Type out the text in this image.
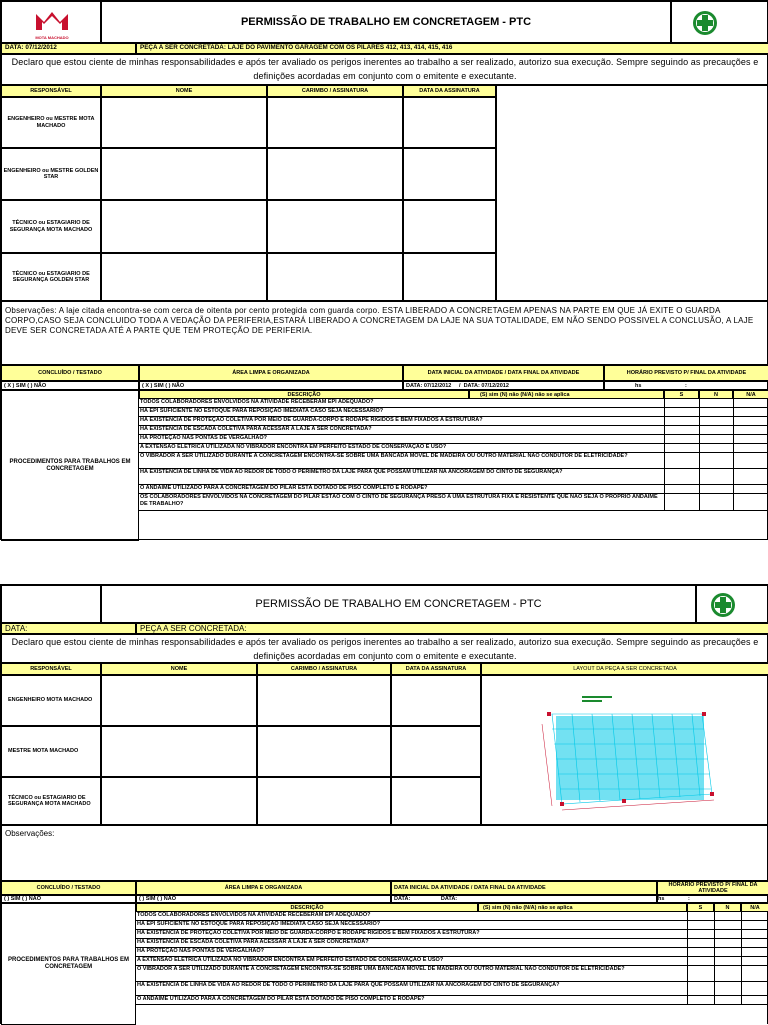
MOTA MACHADO
PERMISSÃO DE TRABALHO EM CONCRETAGEM - PTC
DATA: 07/12/2012	PEÇA A SER CONCRETADA: LAJE DO PAVIMENTO GARAGEM COM OS PILARES 412, 413, 414, 415, 416
Declaro que estou ciente de minhas responsabilidades e após ter avaliado os perigos inerentes ao trabalho a ser realizado, autorizo sua execução. Sempre seguindo as precauções e definições acordadas em conjunto com o emitente e executante.
RESPONSÁVEL	NOME	CARIMBO / ASSINATURA	DATA DA ASSINATURA
ENGENHEIRO ou MESTRE MOTA MACHADO
ENGENHEIRO ou MESTRE GOLDEN STAR
TÉCNICO ou ESTAGIARIO DE SEGURANÇA MOTA MACHADO
TÉCNICO ou ESTAGIARIO DE SEGURANÇA GOLDEN STAR
Observações: A laje citada encontra-se com cerca de oitenta por cento protegida com guarda corpo. ESTA LIBERADO A CONCRETAGEM APENAS NA PARTE EM QUE JÁ EXITE O GUARDA CORPO,CASO SEJA CONCLUIDO TODA A VEDAÇÃO DA PERIFERIA,ESTARÁ LIBERADO A CONCRETAGEM DA LAJE NA SUA TOTALIDADE, EM NÃO SENDO POSSIVEL A CONCLUSÃO, A LAJE DEVE SER CONCRETADA ATÉ A PARTE QUE TEM PROTEÇÃO DE PERIFERIA.
CONCLUÍDO / TESTADO	ÁREA LIMPA E ORGANIZADA	DATA INICIAL DA ATIVIDADE / DATA FINAL DA ATIVIDADE	HORÁRIO PREVISTO P/ FINAL DA ATIVIDADE
( X ) SIM ( ) NÃO	( X ) SIM ( ) NÃO	DATA: 07/12/2012     /  DATA: 07/12/2012	hs	:
PROCEDIMENTOS PARA TRABALHOS EM CONCRETAGEM
DESCRIÇÃO	(S) sim (N) não (N/A) não se aplica	S	N	N/A
TODOS COLABORADORES ENVOLVIDOS NA ATIVIDADE RECEBERAM EPI ADEQUADO?
HÁ EPI SUFICIENTE NO ESTOQUE PARA REPOSIÇÃO IMEDIATA CASO SEJA NECESSÁRIO?
HÁ EXISTÊNCIA DE PROTEÇÃO COLETIVA POR MEIO DE GUARDA-CORPO E RODAPÉ RÍGIDOS E BEM FIXADOS A ESTRUTURA?
HÁ EXISTÊNCIA DE ESCADA COLETIVA PARA ACESSAR A LAJE A SER CONCRETADA?
HÁ PROTEÇÃO NAS PONTAS DE VERGALHÃO?
A EXTENSÃO ELETRICA UTILIZADA NO VIBRADOR ENCONTRA EM PERFEITO ESTADO DE CONSERVAÇÃO E USO?
O VIBRADOR A SER UTILIZADO DURANTE A CONCRETAGEM ENCONTRA-SE SOBRE UMA BANCADA MÓVEL DE MADEIRA OU OUTRO MATERIAL NÃO CONDUTOR DE ELETRICIDADE?
HÁ EXISTÊNCIA DE LINHA DE VIDA AO REDOR DE TODO O PERIMETRO DA LAJE PARA QUE POSSAM UTILIZAR NA ANCORAGEM DO CINTO DE SEGURANÇA?
O ANDAIME UTILIZADO PARA A CONCRETAGEM DO PILAR ESTÁ DOTADO DE PISO COMPLETO E RODAPÉ?
OS COLABORADORES ENVOLVIDOS NA CONCRETAGEM DO PILAR ESTÃO COM O CINTO DE SEGURANÇA PRESO A UMA ESTRUTURA FIXA E RESISTENTE QUE NÃO SEJA O PRÓPRIO ANDAIME DE TRABALHO?
PERMISSÃO DE TRABALHO EM CONCRETAGEM - PTC
DATA:	PEÇA A SER CONCRETADA:
Declaro que estou ciente de minhas responsabilidades e após ter avaliado os perigos inerentes ao trabalho a ser realizado, autorizo sua execução. Sempre seguindo as precauções e definições acordadas em conjunto com o emitente e executante.
RESPONSÁVEL	NOME	CARIMBO / ASSINATURA	DATA DA ASSINATURA	LAYOUT DA PEÇA A SER CONCRETADA
ENGENHEIRO MOTA MACHADO
MESTRE MOTA MACHADO
TÉCNICO ou ESTAGIARIO DE SEGURANÇA MOTA MACHADO
Observações:
CONCLUÍDO / TESTADO	ÁREA LIMPA E ORGANIZADA	DATA INICIAL DA ATIVIDADE / DATA FINAL DA ATIVIDADE	HORÁRIO PREVISTO P/ FINAL DA ATIVIDADE
( ) SIM ( ) NÃO	( ) SIM ( ) NÃO	DATA:                    DATA:	hs	:
PROCEDIMENTOS PARA TRABALHOS EM CONCRETAGEM
DESCRIÇÃO	(S) sim (N) não (N/A) não se aplica	S	N	N/A
TODOS COLABORADORES ENVOLVIDOS NA ATIVIDADE RECEBERAM EPI ADEQUADO?
HÁ EPI SUFICIENTE NO ESTOQUE PARA REPOSIÇÃO IMEDIATA CASO SEJA NECESSÁRIO?
HÁ EXISTÊNCIA DE PROTEÇÃO COLETIVA POR MEIO DE GUARDA-CORPO E RODAPÉ RÍGIDOS E BEM FIXADOS A ESTRUTURA?
HÁ EXISTÊNCIA DE ESCADA COLETIVA PARA ACESSAR A LAJE A SER CONCRETADA?
HÁ PROTEÇÃO NAS PONTAS DE VERGALHÃO?
A EXTENSÃO ELETRICA UTILIZADA NO VIBRADOR ENCONTRA EM PERFEITO ESTADO DE CONSERVAÇÃO E USO?
O VIBRADOR A SER UTILIZADO DURANTE A CONCRETAGEM ENCONTRA-SE SOBRE UMA BANCADA MÓVEL DE MADEIRA OU OUTRO MATERIAL NÃO CONDUTOR DE ELETRICIDADE?
HÁ EXISTÊNCIA DE LINHA DE VIDA AO REDOR DE TODO O PERIMETRO DA LAJE PARA QUE POSSAM UTILIZAR NA ANCORAGEM DO CINTO DE SEGURANÇA?
O ANDAIME UTILIZADO PARA A CONCRETAGEM DO PILAR ESTÁ DOTADO DE PISO COMPLETO E RODAPÉ?
